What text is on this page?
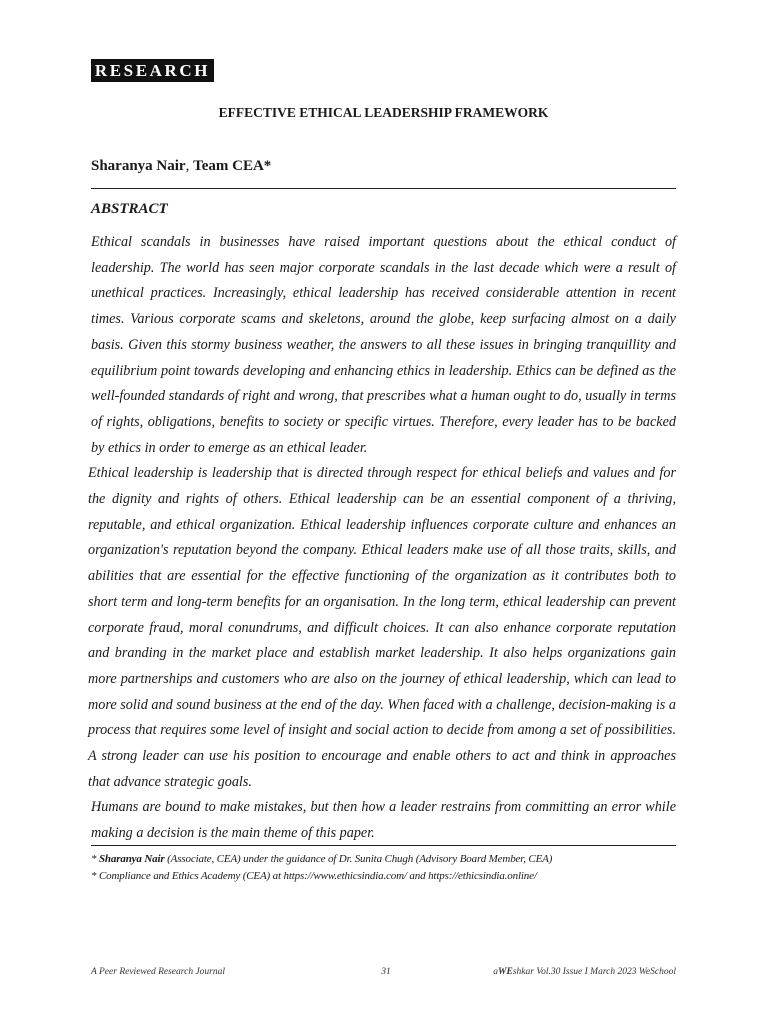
RESEARCH
EFFECTIVE ETHICAL LEADERSHIP FRAMEWORK
Sharanya Nair, Team CEA*
ABSTRACT

Ethical scandals in businesses have raised important questions about the ethical conduct of leadership. The world has seen major corporate scandals in the last decade which were a result of unethical practices. Increasingly, ethical leadership has received considerable attention in recent times. Various corporate scams and skeletons, around the globe, keep surfacing almost on a daily basis. Given this stormy business weather, the answers to all these issues in bringing tranquillity and equilibrium point towards developing and enhancing ethics in leadership. Ethics can be defined as the well-founded standards of right and wrong, that prescribes what a human ought to do, usually in terms of rights, obligations, benefits to society or specific virtues. Therefore, every leader has to be backed by ethics in order to emerge as an ethical leader.

Ethical leadership is leadership that is directed through respect for ethical beliefs and values and for the dignity and rights of others. Ethical leadership can be an essential component of a thriving, reputable, and ethical organization. Ethical leadership influences corporate culture and enhances an organization's reputation beyond the company. Ethical leaders make use of all those traits, skills, and abilities that are essential for the effective functioning of the organization as it contributes both to short term and long-term benefits for an organisation. In the long term, ethical leadership can prevent corporate fraud, moral conundrums, and difficult choices. It can also enhance corporate reputation and branding in the market place and establish market leadership. It also helps organizations gain more partnerships and customers who are also on the journey of ethical leadership, which can lead to more solid and sound business at the end of the day. When faced with a challenge, decision-making is a process that requires some level of insight and social action to decide from among a set of possibilities. A strong leader can use his position to encourage and enable others to act and think in approaches that advance strategic goals.

Humans are bound to make mistakes, but then how a leader restrains from committing an error while making a decision is the main theme of this paper.

* Sharanya Nair (Associate, CEA) under the guidance of Dr. Sunita Chugh (Advisory Board Member, CEA)
* Compliance and Ethics Academy (CEA) at https://www.ethicsindia.com/ and https://ethicsindia.online/
A Peer Reviewed Research Journal	31	aWEshkar Vol.30 Issue I March 2023 WeSchool
